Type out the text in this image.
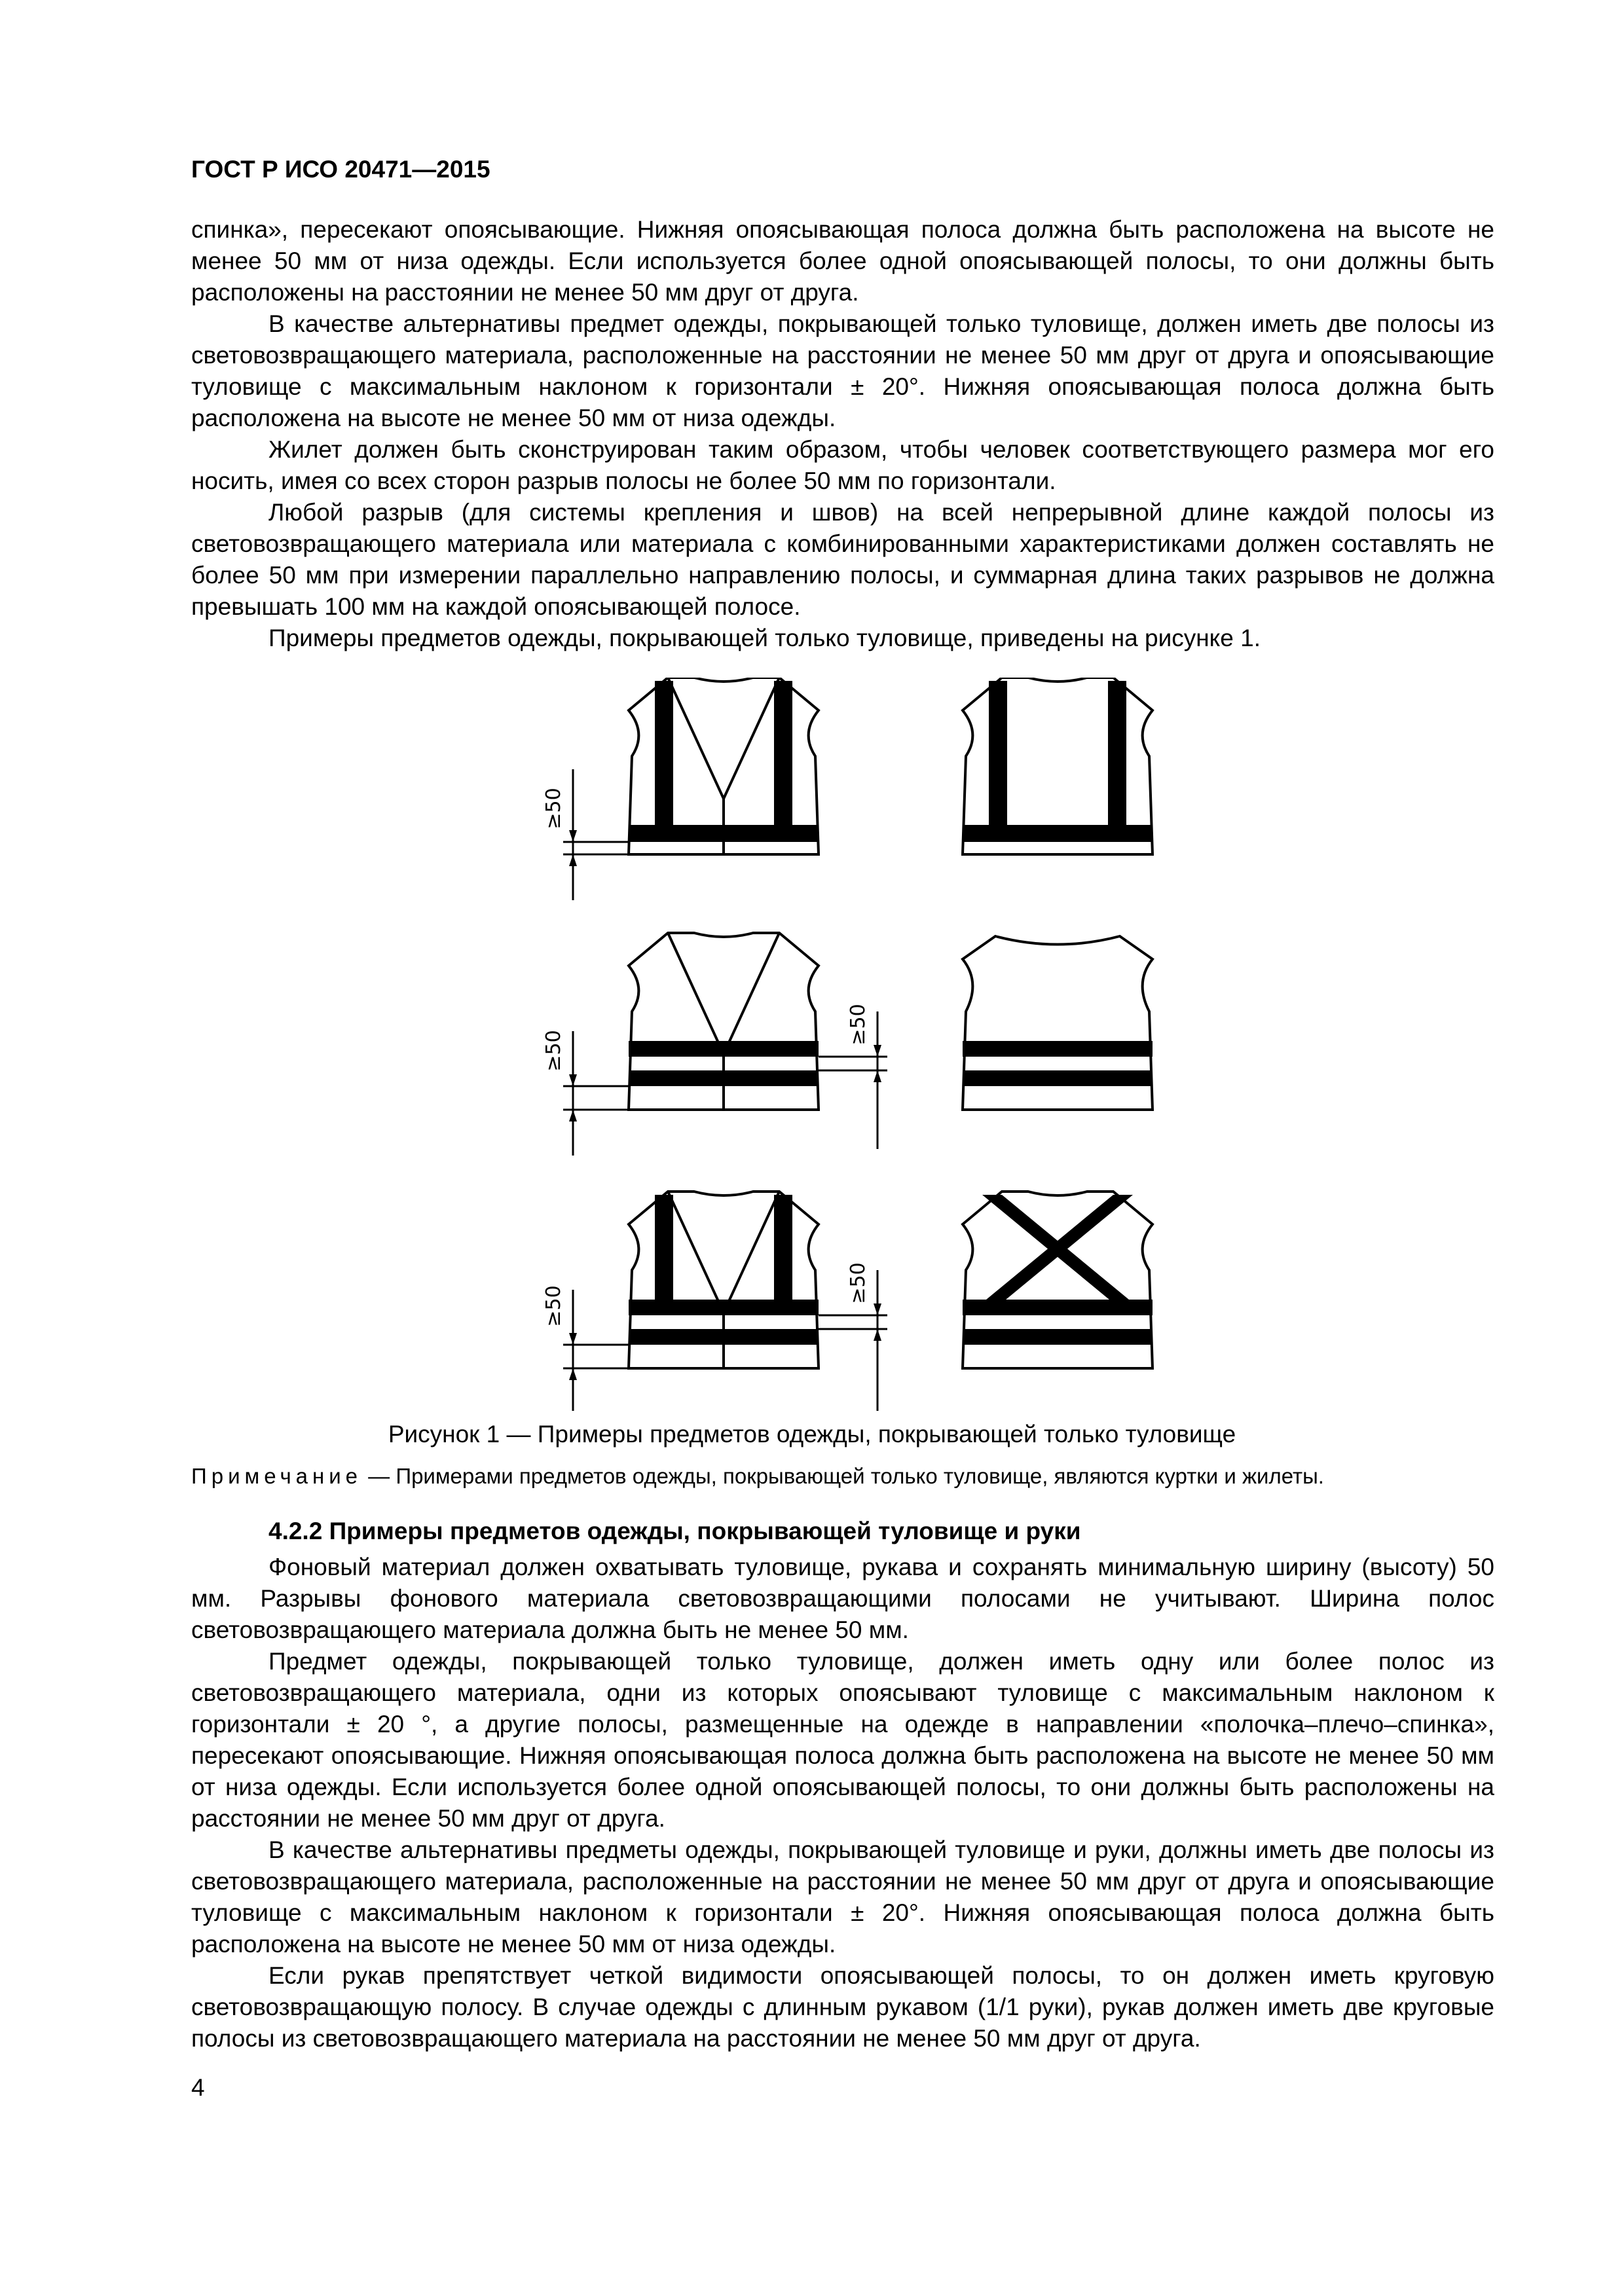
ГОСТ Р ИСО 20471—2015

спинка», пересекают опоясывающие. Нижняя опоясывающая полоса должна быть расположена на высоте не менее 50 мм от низа одежды. Если используется более одной опоясывающей полосы, то они должны быть расположены на расстоянии не менее 50 мм друг от друга.

В качестве альтернативы предмет одежды, покрывающей только туловище, должен иметь две полосы из световозвращающего материала, расположенные на расстоянии не менее 50 мм друг от друга и опоясывающие туловище с максимальным наклоном к горизонтали ± 20°. Нижняя опоясывающая полоса должна быть расположена на высоте не менее 50 мм от низа одежды.

Жилет должен быть сконструирован таким образом, чтобы человек соответствующего размера мог его носить, имея со всех сторон разрыв полосы не более 50 мм по горизонтали.

Любой разрыв (для системы крепления и швов) на всей непрерывной длине каждой полосы из световозвращающего материала или материала с комбинированными характеристиками должен составлять не более 50 мм при измерении параллельно направлению полосы, и суммарная длина таких разрывов не должна превышать 100 мм на каждой опоясывающей полосе.

Примеры предметов одежды, покрывающей только туловище, приведены на рисунке 1.

≥50
≥50
≥50
≥50
≥50
Рисунок 1 — Примеры предметов одежды, покрывающей только туловище
Примечание — Примерами предметов одежды, покрывающей только туловище, являются куртки и жилеты.
4.2.2 Примеры предметов одежды, покрывающей туловище и руки

Фоновый материал должен охватывать туловище, рукава и сохранять минимальную ширину (высоту) 50 мм. Разрывы фонового материала световозвращающими полосами не учитывают. Ширина полос световозвращающего материала должна быть не менее 50 мм.

Предмет одежды, покрывающей только туловище, должен иметь одну или более полос из световозвращающего материала, одни из которых опоясывают туловище с максимальным наклоном к горизонтали ± 20 °, а другие полосы, размещенные на одежде в направлении «полочка–плечо–спинка», пересекают опоясывающие. Нижняя опоясывающая полоса должна быть расположена на высоте не менее 50 мм от низа одежды. Если используется более одной опоясывающей полосы, то они должны быть расположены на расстоянии не менее 50 мм друг от друга.

В качестве альтернативы предметы одежды, покрывающей туловище и руки, должны иметь две полосы из световозвращающего материала, расположенные на расстоянии не менее 50 мм друг от друга и опоясывающие туловище с максимальным наклоном к горизонтали ± 20°. Нижняя опоясывающая полоса должна быть расположена на высоте не менее 50 мм от низа одежды.

Если рукав препятствует четкой видимости опоясывающей полосы, то он должен иметь круговую световозвращающую полосу. В случае одежды с длинным рукавом (1/1 руки), рукав должен иметь две круговые полосы из световозвращающего материала на расстоянии не менее 50 мм друг от друга.

4
